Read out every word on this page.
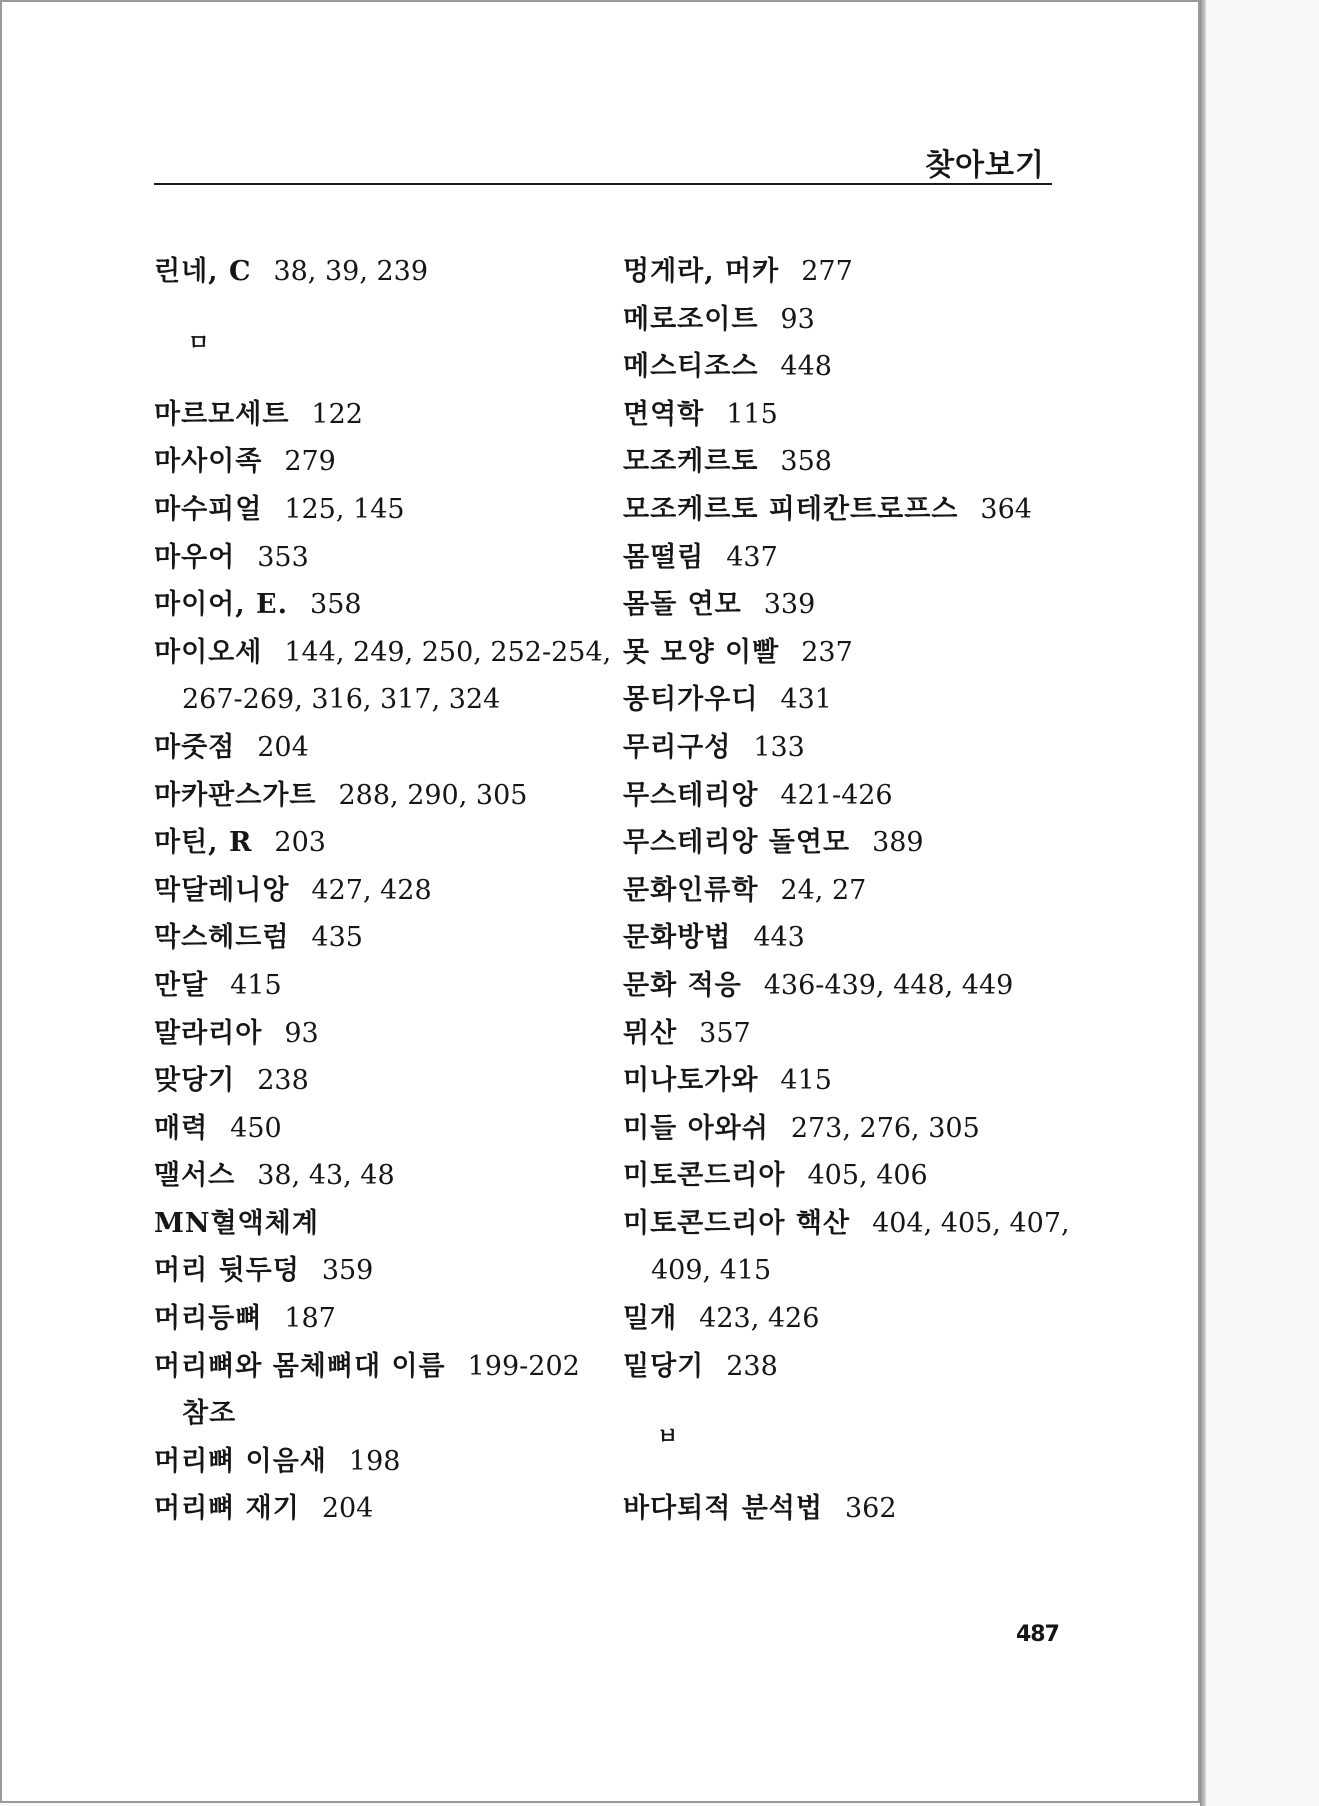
찾아보기
린네, C 38, 39, 239
ㅁ
마르모세트 122
마사이족 279
마수피얼 125, 145
마우어 353
마이어, E. 358
마이오세 144, 249, 250, 252-254,
267-269, 316, 317, 324
마줏점 204
마카판스가트 288, 290, 305
마틴, R 203
막달레니앙 427, 428
막스헤드럼 435
만달 415
말라리아 93
맞당기 238
매력 450
맬서스 38, 43, 48
MN혈액체계
머리 뒷두덩 359
머리등뼈 187
머리뼈와 몸체뼈대 이름 199-202
참조
머리뼈 이음새 198
머리뼈 재기 204
멍게라, 머카 277
메로조이트 93
메스티조스 448
면역학 115
모조케르토 358
모조케르토 피테칸트로프스 364
몸떨림 437
몸돌 연모 339
못 모양 이빨 237
몽티가우디 431
무리구성 133
무스테리앙 421-426
무스테리앙 돌연모 389
문화인류학 24, 27
문화방법 443
문화 적응 436-439, 448, 449
뮈산 357
미나토가와 415
미들 아와쉬 273, 276, 305
미토콘드리아 405, 406
미토콘드리아 핵산 404, 405, 407,
409, 415
밀개 423, 426
밑당기 238
ㅂ
바다퇴적 분석법 362
487
